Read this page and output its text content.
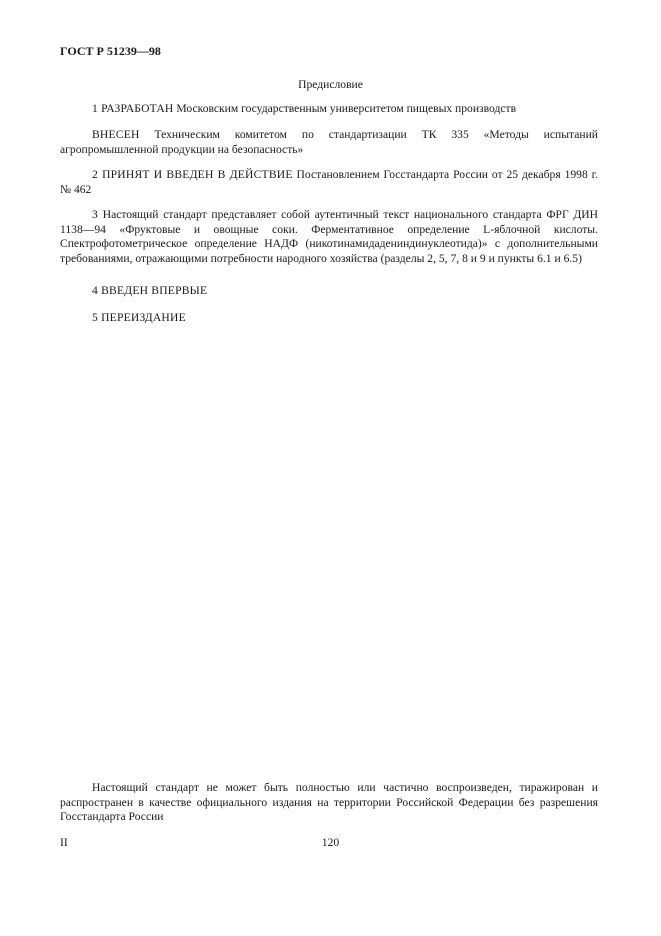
ГОСТ Р 51239—98
Предисловие
1 РАЗРАБОТАН Московским государственным университетом пищевых производств
ВНЕСЕН Техническим комитетом по стандартизации ТК 335 «Методы испытаний агропромышленной продукции на безопасность»
2 ПРИНЯТ И ВВЕДЕН В ДЕЙСТВИЕ Постановлением Госстандарта России от 25 декабря 1998 г. № 462
3 Настоящий стандарт представляет собой аутентичный текст национального стандарта ФРГ ДИН 1138—94 «Фруктовые и овощные соки. Ферментативное определение L-яблочной кислоты. Спектрофотометрическое определение НАДФ (никотинамидадениндинуклеотида)» с дополнительными требованиями, отражающими потребности народного хозяйства (разделы 2, 5, 7, 8 и 9 и пункты 6.1 и 6.5)
4 ВВЕДЕН ВПЕРВЫЕ
5 ПЕРЕИЗДАНИЕ
Настоящий стандарт не может быть полностью или частично воспроизведен, тиражирован и распространен в качестве официального издания на территории Российской Федерации без разрешения Госстандарта России
II	120
